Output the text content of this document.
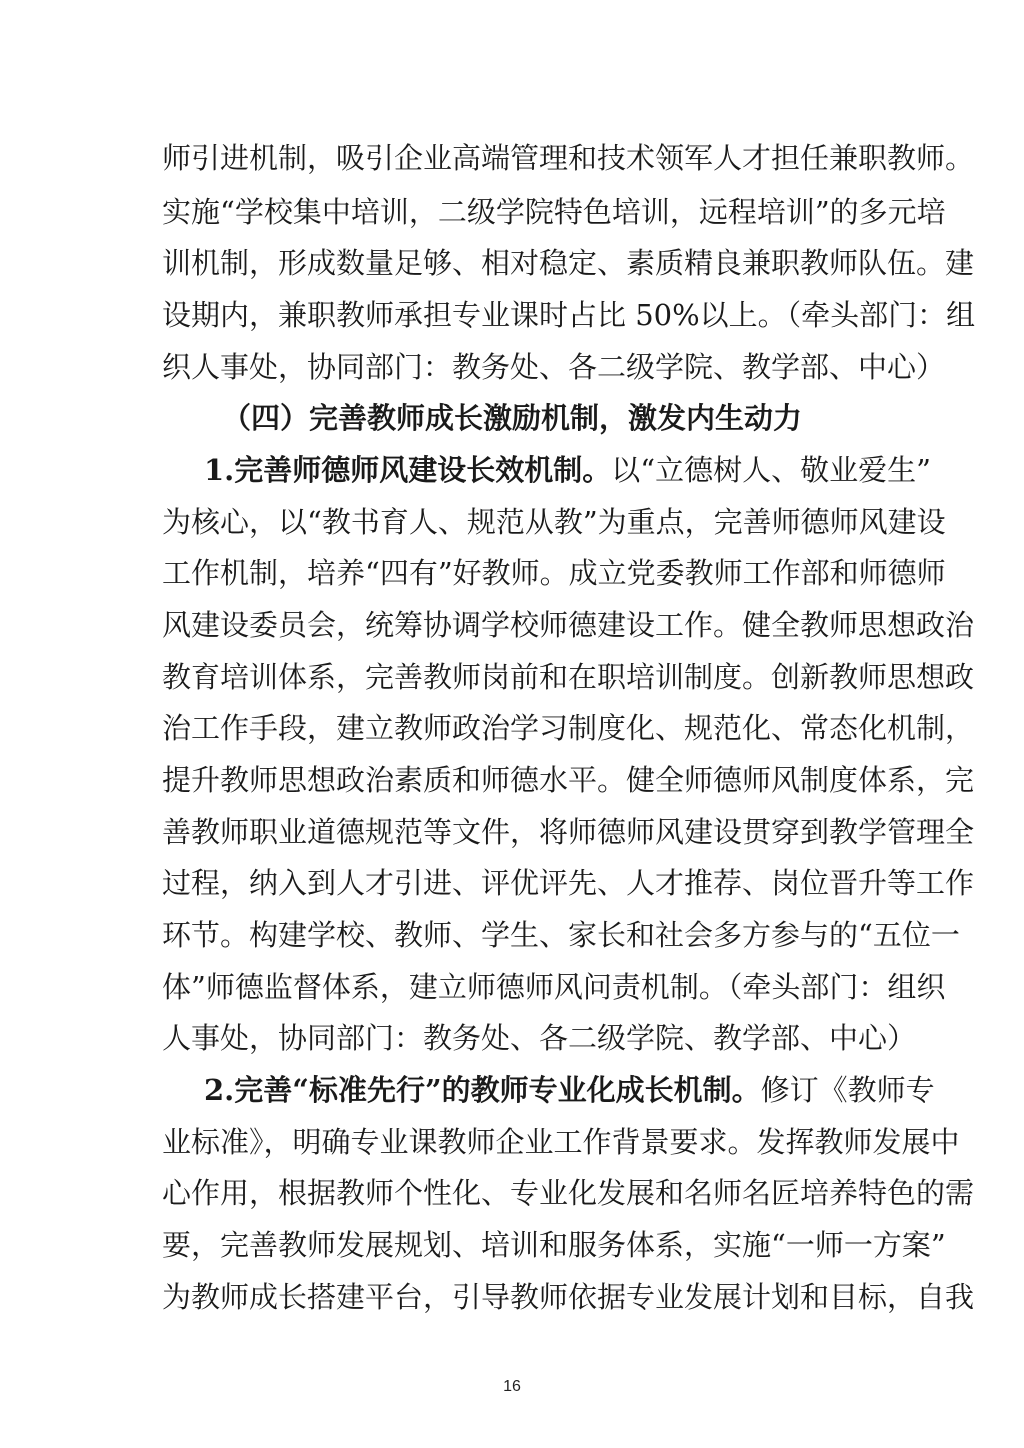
师引进机制，吸引企业高端管理和技术领军人才担任兼职教师。
实施“学校集中培训，二级学院特色培训，远程培训”的多元培
训机制，形成数量足够、相对稳定、素质精良兼职教师队伍。建
设期内，兼职教师承担专业课时占比 50%以上。（牵头部门：组
织人事处，协同部门：教务处、各二级学院、教学部、中心）
（四）完善教师成长激励机制，激发内生动力
1.完善师德师风建设长效机制。以“立德树人、敬业爱生”
为核心，以“教书育人、规范从教”为重点，完善师德师风建设
工作机制，培养“四有”好教师。成立党委教师工作部和师德师
风建设委员会，统筹协调学校师德建设工作。健全教师思想政治
教育培训体系，完善教师岗前和在职培训制度。创新教师思想政
治工作手段，建立教师政治学习制度化、规范化、常态化机制，
提升教师思想政治素质和师德水平。健全师德师风制度体系，完
善教师职业道德规范等文件，将师德师风建设贯穿到教学管理全
过程，纳入到人才引进、评优评先、人才推荐、岗位晋升等工作
环节。构建学校、教师、学生、家长和社会多方参与的“五位一
体”师德监督体系，建立师德师风问责机制。（牵头部门：组织
人事处，协同部门：教务处、各二级学院、教学部、中心）
2.完善“标准先行”的教师专业化成长机制。修订《教师专
业标准》，明确专业课教师企业工作背景要求。发挥教师发展中
心作用，根据教师个性化、专业化发展和名师名匠培养特色的需
要，完善教师发展规划、培训和服务体系，实施“一师一方案”
为教师成长搭建平台，引导教师依据专业发展计划和目标，自我
16
